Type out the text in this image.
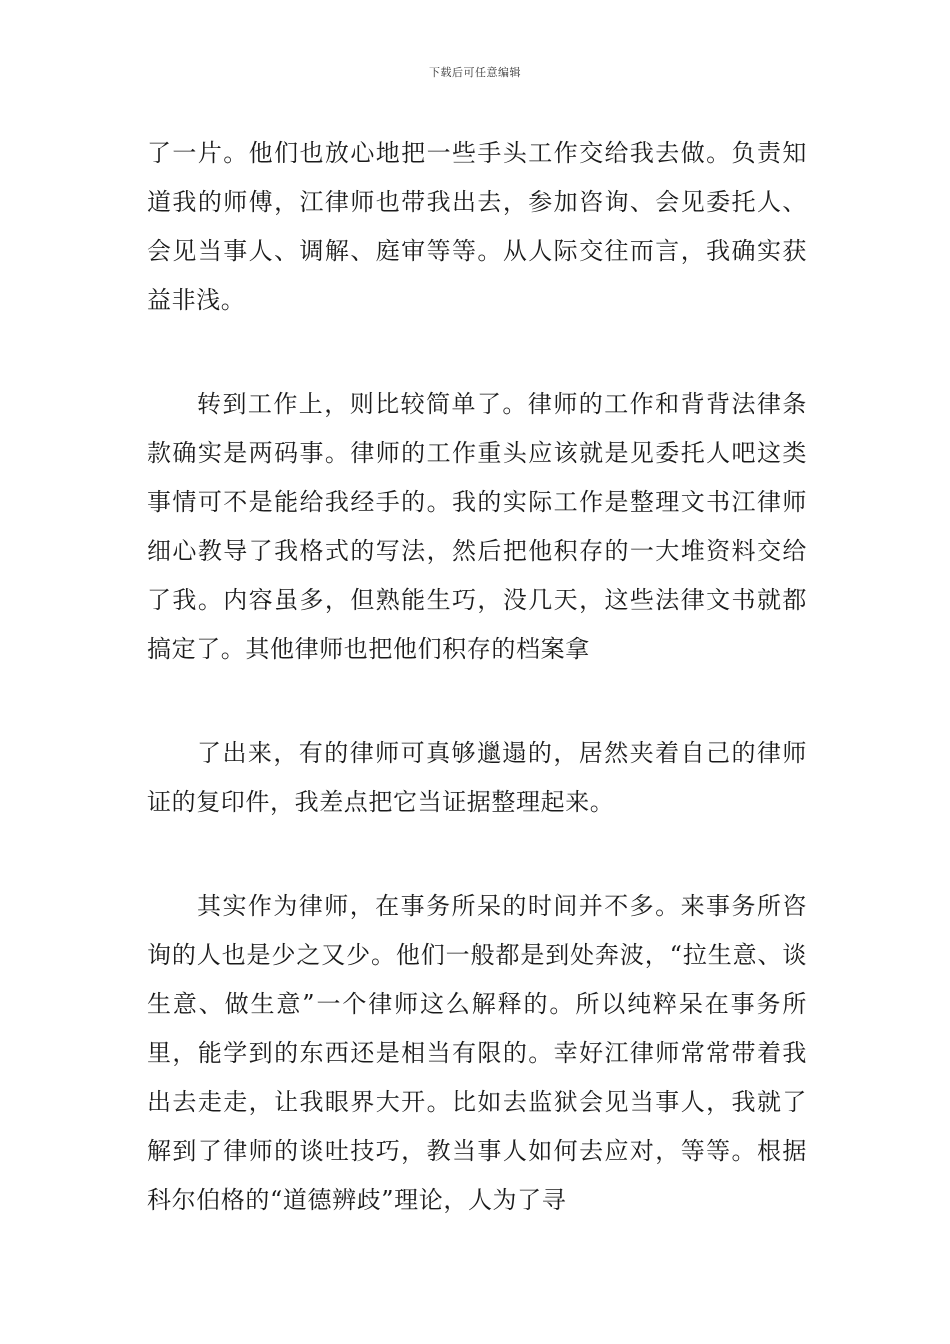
下载后可任意编辑

了一片。他们也放心地把一些手头工作交给我去做。负责知道我的师傅，江律师也带我出去，参加咨询、会见委托人、会见当事人、调解、庭审等等。从人际交往而言，我确实获益非浅。

转到工作上，则比较简单了。律师的工作和背背法律条款确实是两码事。律师的工作重头应该就是见委托人吧这类事情可不是能给我经手的。我的实际工作是整理文书江律师细心教导了我格式的写法，然后把他积存的一大堆资料交给了我。内容虽多，但熟能生巧，没几天，这些法律文书就都搞定了。其他律师也把他们积存的档案拿

了出来，有的律师可真够邋遢的，居然夹着自己的律师证的复印件，我差点把它当证据整理起来。

其实作为律师，在事务所呆的时间并不多。来事务所咨询的人也是少之又少。他们一般都是到处奔波，“拉生意、谈生意、做生意”一个律师这么解释的。所以纯粹呆在事务所里，能学到的东西还是相当有限的。幸好江律师常常带着我出去走走，让我眼界大开。比如去监狱会见当事人，我就了解到了律师的谈吐技巧，教当事人如何去应对，等等。根据科尔伯格的“道德辨歧”理论，人为了寻
